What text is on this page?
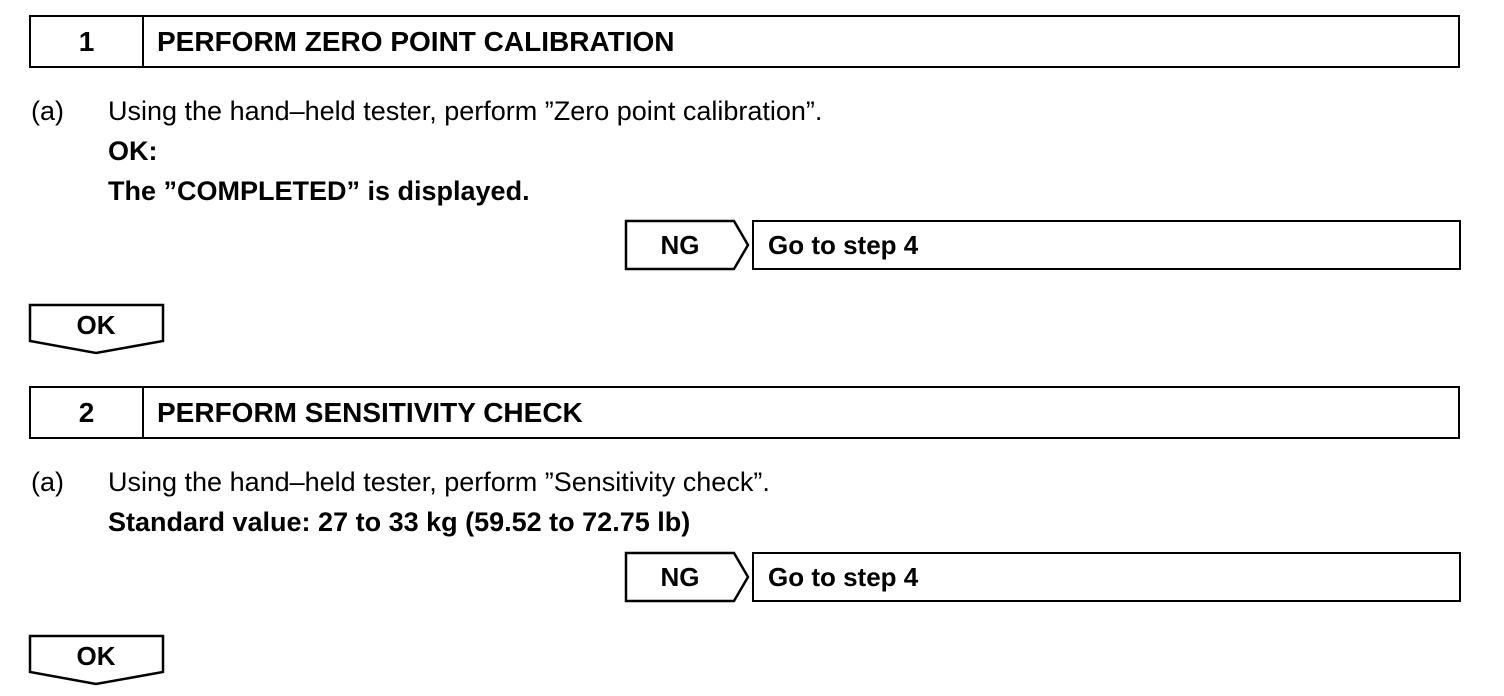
1	PERFORM ZERO POINT CALIBRATION
(a) Using the hand–held tester, perform ”Zero point calibration”.
OK:
The ”COMPLETED” is displayed.
NG	Go to step 4
OK
2	PERFORM SENSITIVITY CHECK
(a) Using the hand–held tester, perform ”Sensitivity check”.
Standard value: 27 to 33 kg (59.52 to 72.75 lb)
NG	Go to step 4
OK
